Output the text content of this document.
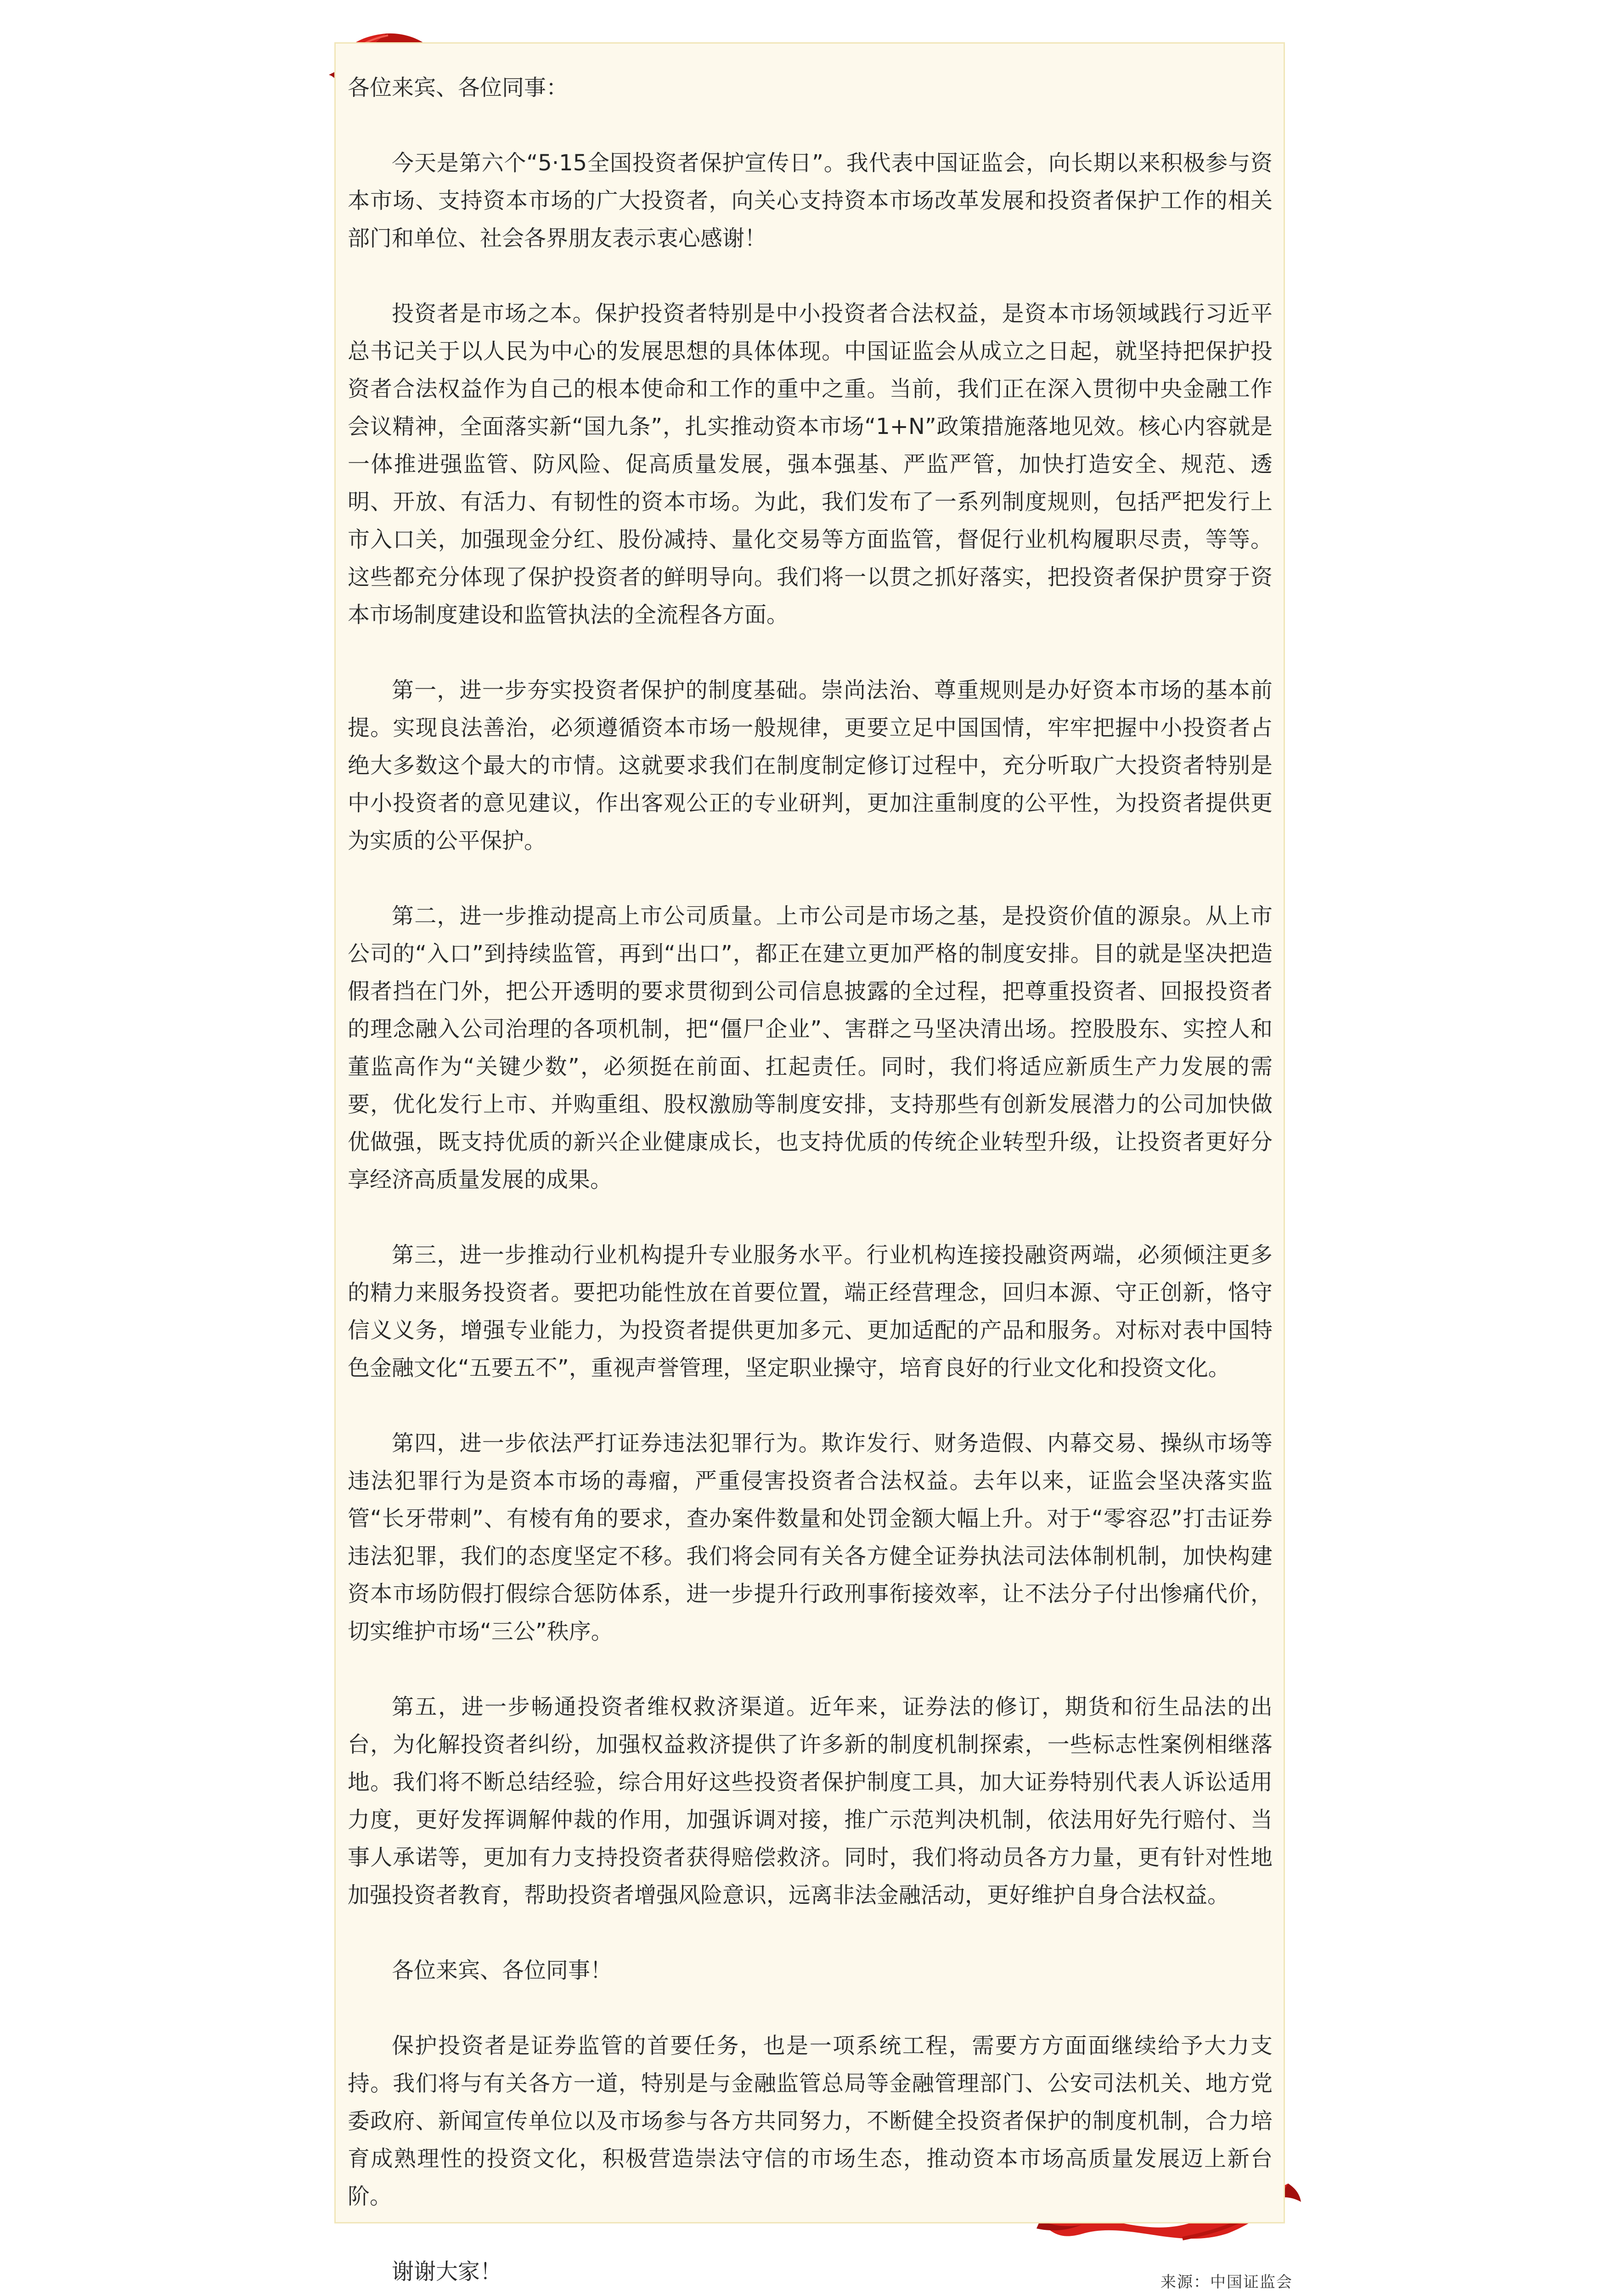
各位来宾、各位同事：

今天是第六个“5·15全国投资者保护宣传日”。我代表中国证监会，向长期以来积极参与资本市场、支持资本市场的广大投资者，向关心支持资本市场改革发展和投资者保护工作的相关部门和单位、社会各界朋友表示衷心感谢！

投资者是市场之本。保护投资者特别是中小投资者合法权益，是资本市场领域践行习近平总书记关于以人民为中心的发展思想的具体体现。中国证监会从成立之日起，就坚持把保护投资者合法权益作为自己的根本使命和工作的重中之重。当前，我们正在深入贯彻中央金融工作会议精神，全面落实新“国九条”，扎实推动资本市场“1+N”政策措施落地见效。核心内容就是一体推进强监管、防风险、促高质量发展，强本强基、严监严管，加快打造安全、规范、透明、开放、有活力、有韧性的资本市场。为此，我们发布了一系列制度规则，包括严把发行上市入口关，加强现金分红、股份减持、量化交易等方面监管，督促行业机构履职尽责，等等。这些都充分体现了保护投资者的鲜明导向。我们将一以贯之抓好落实，把投资者保护贯穿于资本市场制度建设和监管执法的全流程各方面。

第一，进一步夯实投资者保护的制度基础。崇尚法治、尊重规则是办好资本市场的基本前提。实现良法善治，必须遵循资本市场一般规律，更要立足中国国情，牢牢把握中小投资者占绝大多数这个最大的市情。这就要求我们在制度制定修订过程中，充分听取广大投资者特别是中小投资者的意见建议，作出客观公正的专业研判，更加注重制度的公平性，为投资者提供更为实质的公平保护。

第二，进一步推动提高上市公司质量。上市公司是市场之基，是投资价值的源泉。从上市公司的“入口”到持续监管，再到“出口”，都正在建立更加严格的制度安排。目的就是坚决把造假者挡在门外，把公开透明的要求贯彻到公司信息披露的全过程，把尊重投资者、回报投资者的理念融入公司治理的各项机制，把“僵尸企业”、害群之马坚决清出场。控股股东、实控人和董监高作为“关键少数”，必须挺在前面、扛起责任。同时，我们将适应新质生产力发展的需要，优化发行上市、并购重组、股权激励等制度安排，支持那些有创新发展潜力的公司加快做优做强，既支持优质的新兴企业健康成长，也支持优质的传统企业转型升级，让投资者更好分享经济高质量发展的成果。

第三，进一步推动行业机构提升专业服务水平。行业机构连接投融资两端，必须倾注更多的精力来服务投资者。要把功能性放在首要位置，端正经营理念，回归本源、守正创新，恪守信义义务，增强专业能力，为投资者提供更加多元、更加适配的产品和服务。对标对表中国特色金融文化“五要五不”，重视声誉管理，坚定职业操守，培育良好的行业文化和投资文化。

第四，进一步依法严打证券违法犯罪行为。欺诈发行、财务造假、内幕交易、操纵市场等违法犯罪行为是资本市场的毒瘤，严重侵害投资者合法权益。去年以来，证监会坚决落实监管“长牙带刺”、有棱有角的要求，查办案件数量和处罚金额大幅上升。对于“零容忍”打击证券违法犯罪，我们的态度坚定不移。我们将会同有关各方健全证券执法司法体制机制，加快构建资本市场防假打假综合惩防体系，进一步提升行政刑事衔接效率，让不法分子付出惨痛代价，切实维护市场“三公”秩序。

第五，进一步畅通投资者维权救济渠道。近年来，证券法的修订，期货和衍生品法的出台，为化解投资者纠纷，加强权益救济提供了许多新的制度机制探索，一些标志性案例相继落地。我们将不断总结经验，综合用好这些投资者保护制度工具，加大证券特别代表人诉讼适用力度，更好发挥调解仲裁的作用，加强诉调对接，推广示范判决机制，依法用好先行赔付、当事人承诺等，更加有力支持投资者获得赔偿救济。同时，我们将动员各方力量，更有针对性地加强投资者教育，帮助投资者增强风险意识，远离非法金融活动，更好维护自身合法权益。

各位来宾、各位同事！

保护投资者是证券监管的首要任务，也是一项系统工程，需要方方面面继续给予大力支持。我们将与有关各方一道，特别是与金融监管总局等金融管理部门、公安司法机关、地方党委政府、新闻宣传单位以及市场参与各方共同努力，不断健全投资者保护的制度机制，合力培育成熟理性的投资文化，积极营造崇法守信的市场生态，推动资本市场高质量发展迈上新台阶。

谢谢大家！	来源：中国证监会
